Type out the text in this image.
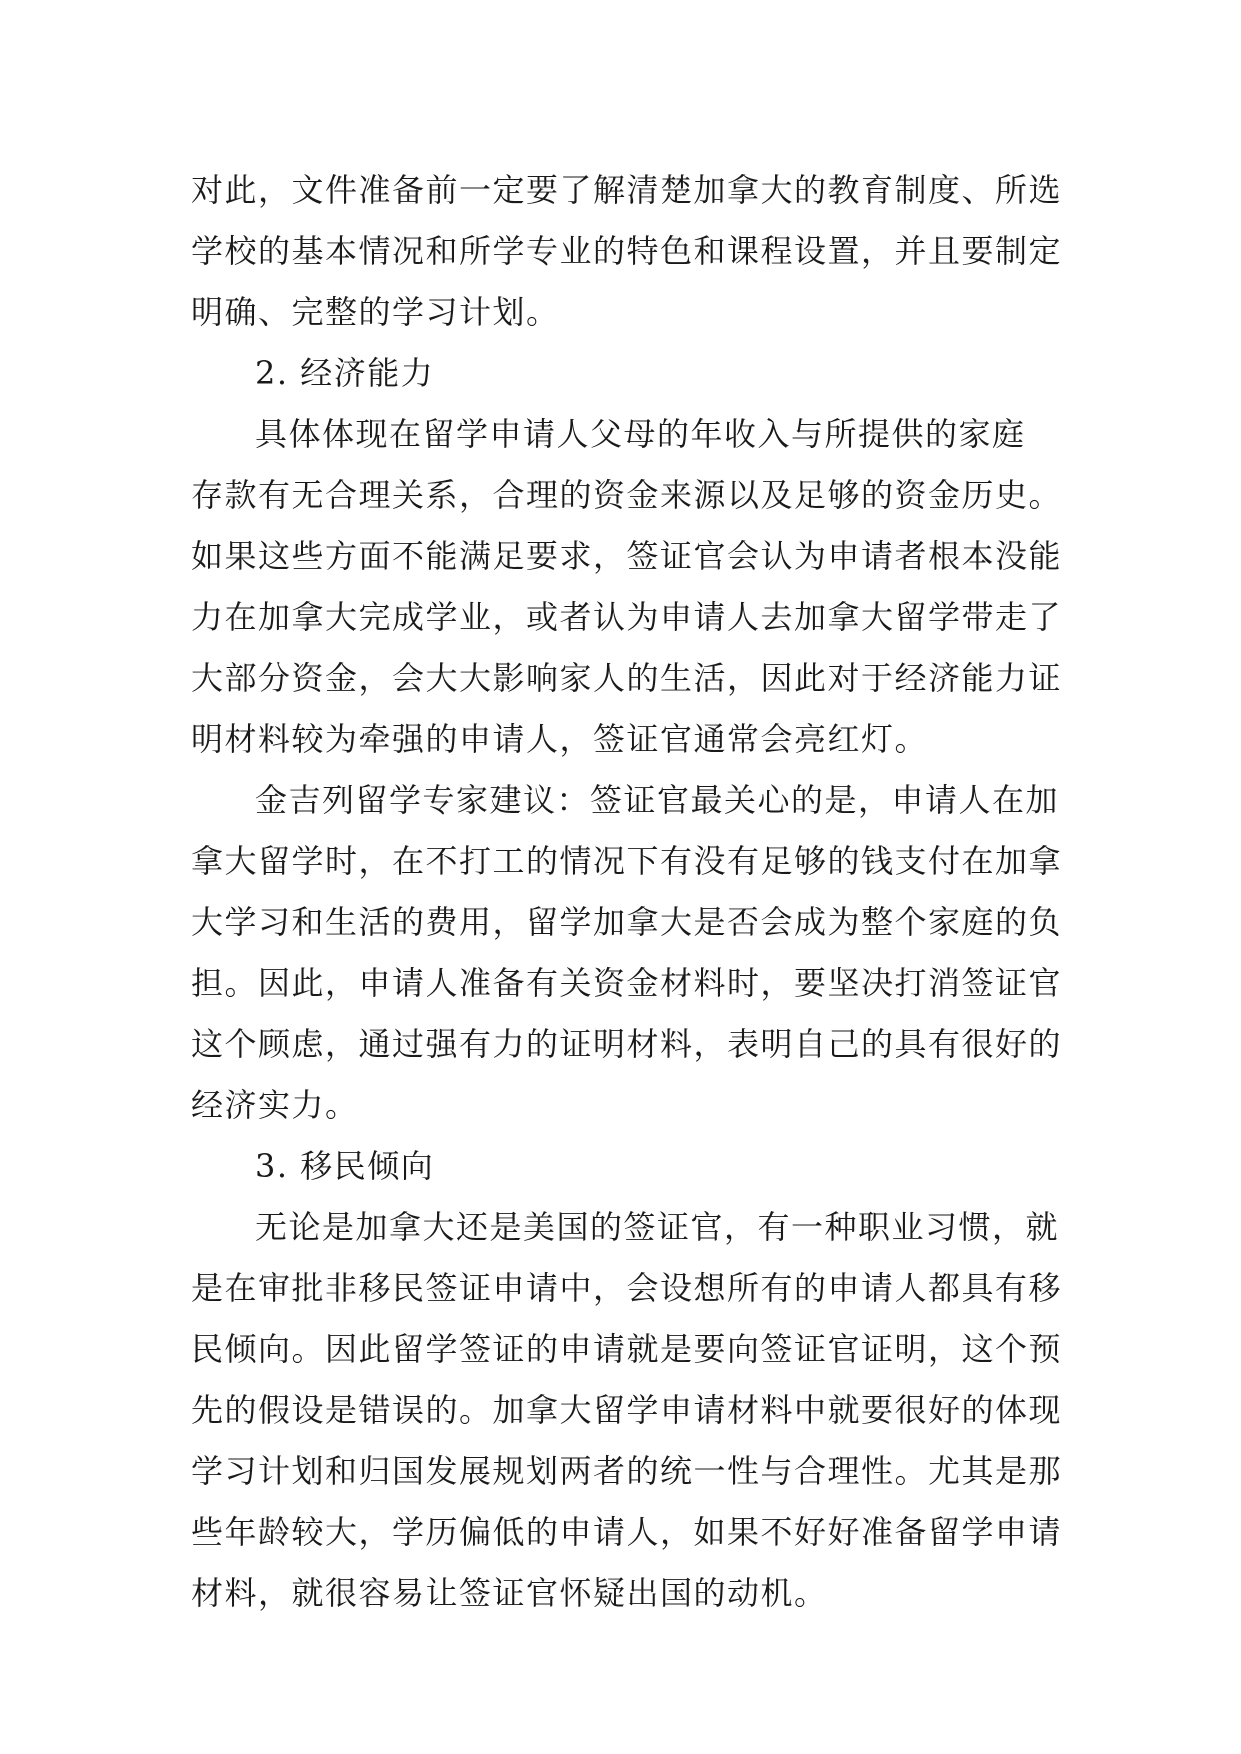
对此，文件准备前一定要了解清楚加拿大的教育制度、所选
学校的基本情况和所学专业的特色和课程设置，并且要制定
明确、完整的学习计划。
2. 经济能力
具体体现在留学申请人父母的年收入与所提供的家庭
存款有无合理关系，合理的资金来源以及足够的资金历史。
如果这些方面不能满足要求，签证官会认为申请者根本没能
力在加拿大完成学业，或者认为申请人去加拿大留学带走了
大部分资金，会大大影响家人的生活，因此对于经济能力证
明材料较为牵强的申请人，签证官通常会亮红灯。
金吉列留学专家建议：签证官最关心的是，申请人在加
拿大留学时，在不打工的情况下有没有足够的钱支付在加拿
大学习和生活的费用，留学加拿大是否会成为整个家庭的负
担。因此，申请人准备有关资金材料时，要坚决打消签证官
这个顾虑，通过强有力的证明材料，表明自己的具有很好的
经济实力。
3. 移民倾向
无论是加拿大还是美国的签证官，有一种职业习惯，就
是在审批非移民签证申请中，会设想所有的申请人都具有移
民倾向。因此留学签证的申请就是要向签证官证明，这个预
先的假设是错误的。加拿大留学申请材料中就要很好的体现
学习计划和归国发展规划两者的统一性与合理性。尤其是那
些年龄较大，学历偏低的申请人，如果不好好准备留学申请
材料，就很容易让签证官怀疑出国的动机。
